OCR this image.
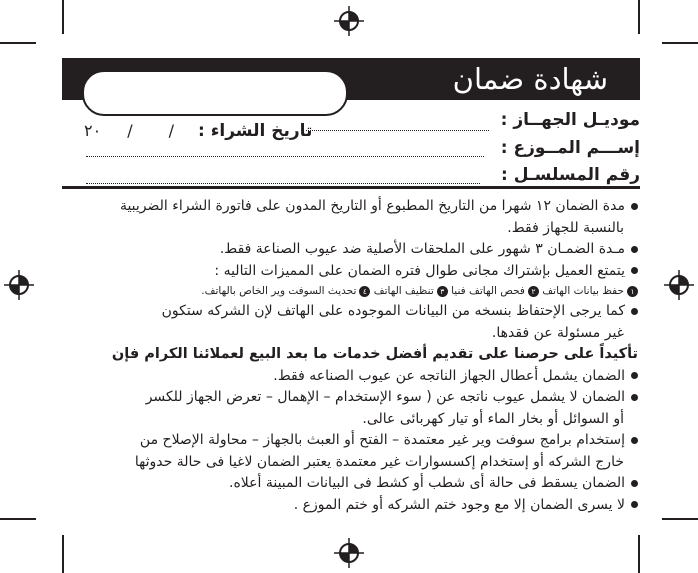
شهادة ضمان
موديـل الجهــاز :
تاريخ الشراء :
٢٠ / /
إســـم المــوزع :
رقم المسلسـل :
مدة الضمان ١٢ شهرا من التاريخ المطبوع أو التاريخ المدون على فاتورة الشراء الضريبية
بالنسبة للجهاز فقط.
مـدة الضمـان ٣ شهور على الملحقات الأصلية ضد عيوب الصناعة فقط.
يتمتع العميل بإشتراك مجانى طوال فتره الضمان على المميزات التاليه :
١حفظ بيانات الهاتف ٢فحص الهاتف فنيا ٣تنظيف الهاتف ٤تحديث السوفت وير الخاص بالهاتف.
كما يرجى الإحتفاظ بنسخه من البيانات الموجوده على الهاتف لإن الشركه ستكون
غير مسئولة عن فقدها.
تأكيداً على حرصنا على تقديم أفضل خدمات ما بعد البيع لعملائنا الكرام فإن
الضمان يشمل أعطال الجهاز الناتجه عن عيوب الصناعه فقط.
الضمان لا يشمل عيوب ناتجه عن ( سوء الإستخدام – الإهمال – تعرض الجهاز للكسر
أو السوائل أو بخار الماء أو تيار كهربائى عالى.
إستخدام برامج سوفت وير غير معتمدة – الفتح أو العبث بالجهاز – محاولة الإصلاح من
خارج الشركه أو إستخدام إكسسوارات غير معتمدة يعتبر الضمان لاغيا فى حالة حدوثها
الضمان يسقط فى حالة أى شطب أو كشط فى البيانات المبينة أعلاه.
لا يسرى الضمان إلا مع وجود ختم الشركه أو ختم الموزع .
